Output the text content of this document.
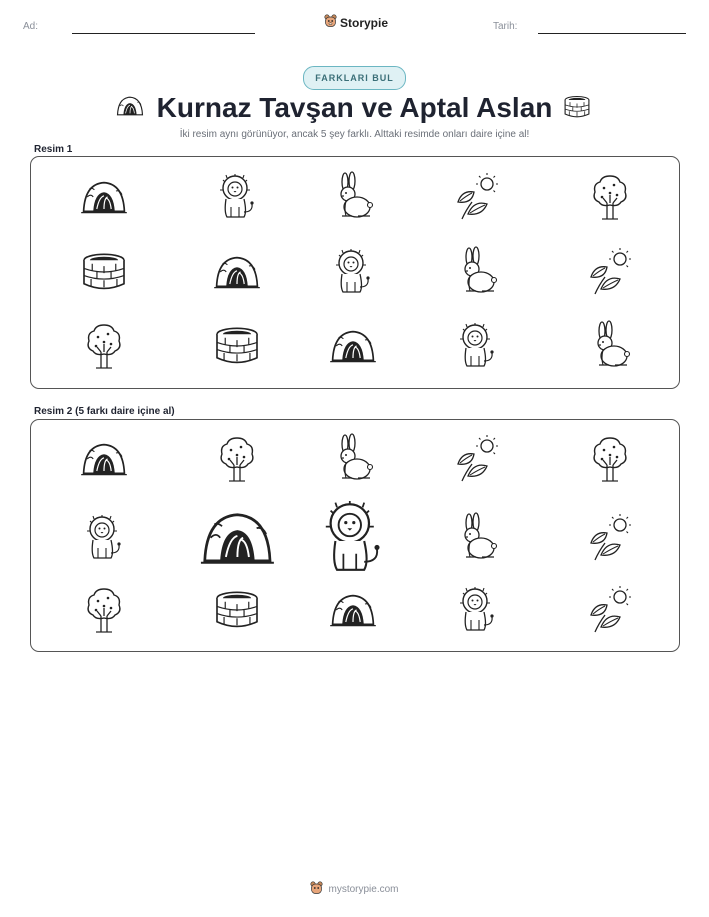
Ad:	Storypie	Tarih:
FARKLARI BUL
Kurnaz Tavşan ve Aptal Aslan
İki resim aynı görünüyor, ancak 5 şey farklı. Alttaki resimde onları daire içine al!
Resim 1
Resim 2 (5 farkı daire içine al)
mystorypie.com
